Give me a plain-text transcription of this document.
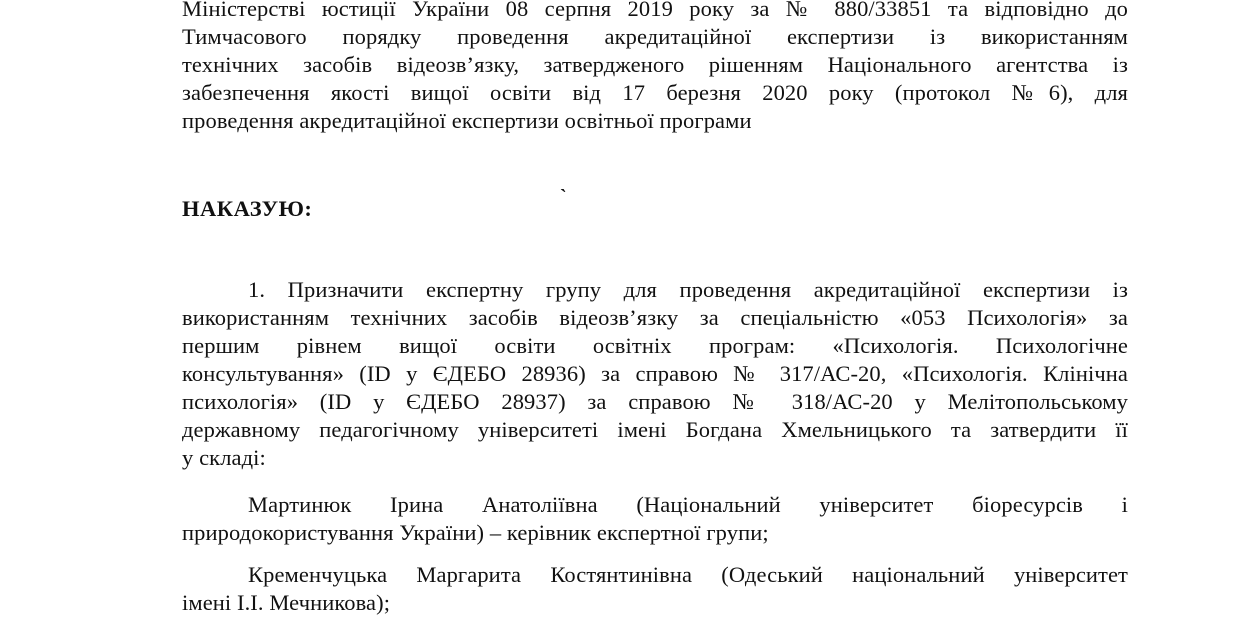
Міністерстві юстиції України 08 серпня 2019 року за № 880/33851 та відповідно до
Тимчасового порядку проведення акредитаційної експертизи із використанням
технічних засобів відеозв’язку, затвердженого рішенням Національного агентства із
забезпечення якості вищої освіти від 17 березня 2020 року (протокол №6), для
проведення акредитаційної експертизи освітньої програми
НАКАЗУЮ:	`
1. Призначити експертну групу для проведення акредитаційної експертизи із
використанням технічних засобів відеозв’язку за спеціальністю «053 Психологія» за
першим рівнем вищої освіти освітніх програм: «Психологія. Психологічне
консультування» (ID у ЄДЕБО 28936) за справою № 317/АС-20, «Психологія. Клінічна
психологія» (ID у ЄДЕБО 28937) за справою № 318/АС-20 у Мелітопольському
державному педагогічному університеті імені Богдана Хмельницького та затвердити її
у складі:
Мартинюк Ірина Анатоліївна (Національний університет біоресурсів і
природокористування України) – керівник експертної групи;
Кременчуцька Маргарита Костянтинівна (Одеський національний університет
імені І.І. Мечникова);
